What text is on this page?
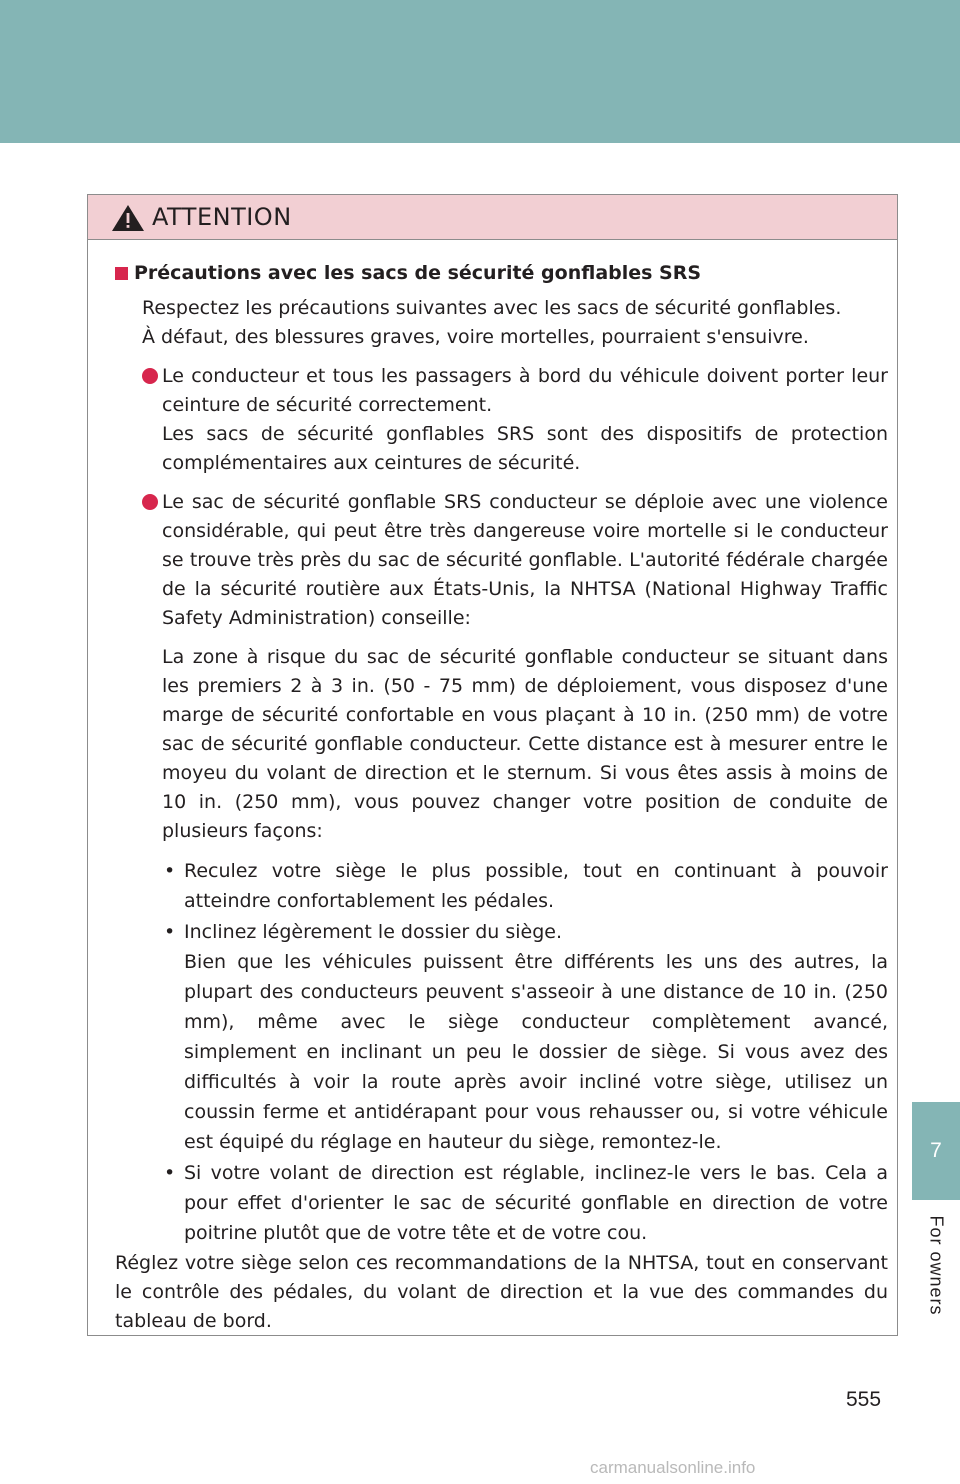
7
For owners
ATTENTION
Précautions avec les sacs de sécurité gonflables SRS

Respectez les précautions suivantes avec les sacs de sécurité gonflables.

À défaut, des blessures graves, voire mortelles, pourraient s'ensuivre.

Le conducteur et tous les passagers à bord du véhicule doivent porter leur ceinture de sécurité correctement.

Les sacs de sécurité gonflables SRS sont des dispositifs de protection complémentaires aux ceintures de sécurité.

Le sac de sécurité gonflable SRS conducteur se déploie avec une violence considérable, qui peut être très dangereuse voire mortelle si le conducteur se trouve très près du sac de sécurité gonflable. L'autorité fédérale chargée de la sécurité routière aux États-Unis, la NHTSA (National Highway Traffic Safety Administration) conseille:

La zone à risque du sac de sécurité gonflable conducteur se situant dans les premiers 2 à 3 in. (50 - 75 mm) de déploiement, vous disposez d'une marge de sécurité confortable en vous plaçant à 10 in. (250 mm) de votre sac de sécurité gonflable conducteur. Cette distance est à mesurer entre le moyeu du volant de direction et le sternum. Si vous êtes assis à moins de 10 in. (250 mm), vous pouvez changer votre position de conduite de plusieurs façons:

• Reculez votre siège le plus possible, tout en continuant à pouvoir atteindre confortablement les pédales.
• Inclinez légèrement le dossier du siège.
Bien que les véhicules puissent être différents les uns des autres, la plupart des conducteurs peuvent s'asseoir à une distance de 10 in. (250 mm), même avec le siège conducteur complètement avancé, simplement en inclinant un peu le dossier de siège. Si vous avez des difficultés à voir la route après avoir incliné votre siège, utilisez un coussin ferme et antidérapant pour vous rehausser ou, si votre véhicule est équipé du réglage en hauteur du siège, remontez-le.
• Si votre volant de direction est réglable, inclinez-le vers le bas. Cela a pour effet d'orienter le sac de sécurité gonflable en direction de votre poitrine plutôt que de votre tête et de votre cou.

Réglez votre siège selon ces recommandations de la NHTSA, tout en conservant le contrôle des pédales, du volant de direction et la vue des commandes du tableau de bord.

555
carmanualsonline.info
